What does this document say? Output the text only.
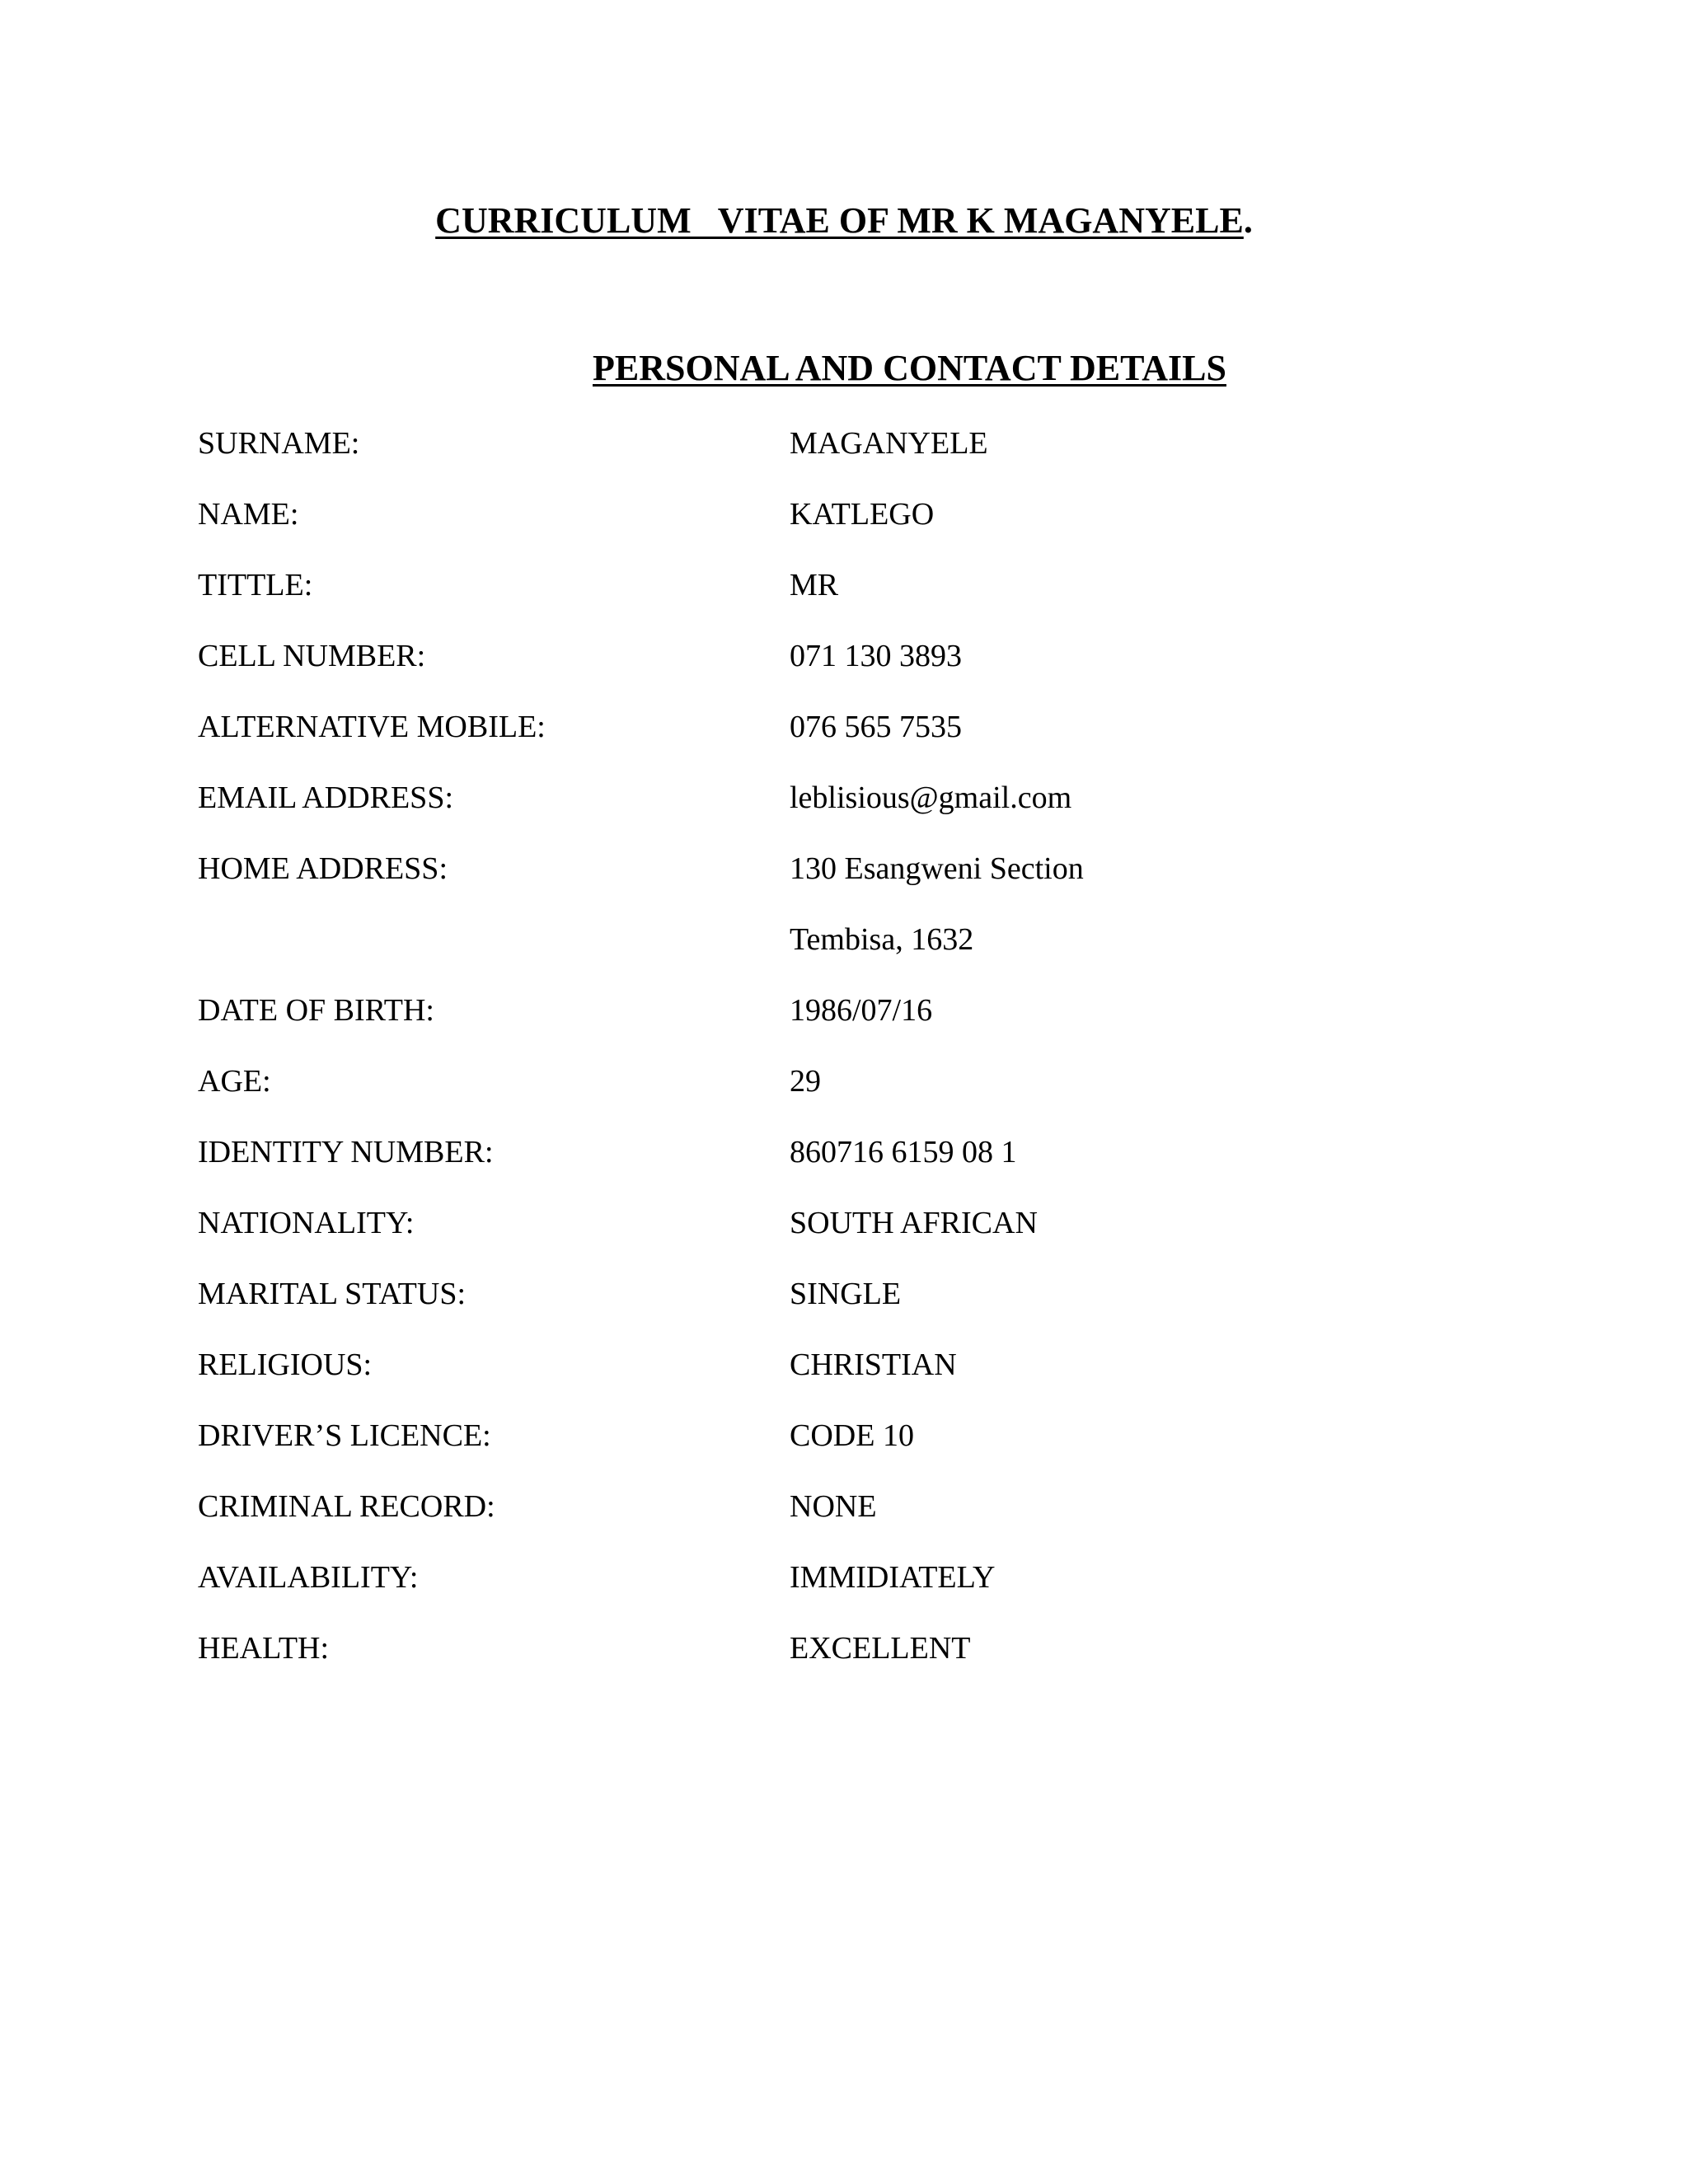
CURRICULUM   VITAE OF MR K MAGANYELE.
PERSONAL AND CONTACT DETAILS
SURNAME:	MAGANYELE
NAME:	KATLEGO
TITTLE:	MR
CELL NUMBER:	071 130 3893
ALTERNATIVE MOBILE:	076 565 7535
EMAIL ADDRESS:	leblisious@gmail.com
HOME ADDRESS:	130 Esangweni Section
Tembisa, 1632
DATE OF BIRTH:	1986/07/16
AGE:	29
IDENTITY NUMBER:	860716 6159 08 1
NATIONALITY:	SOUTH AFRICAN
MARITAL STATUS:	SINGLE
RELIGIOUS:	CHRISTIAN
DRIVER’S LICENCE:	CODE 10
CRIMINAL RECORD:	NONE
AVAILABILITY:	IMMIDIATELY
HEALTH:	EXCELLENT
